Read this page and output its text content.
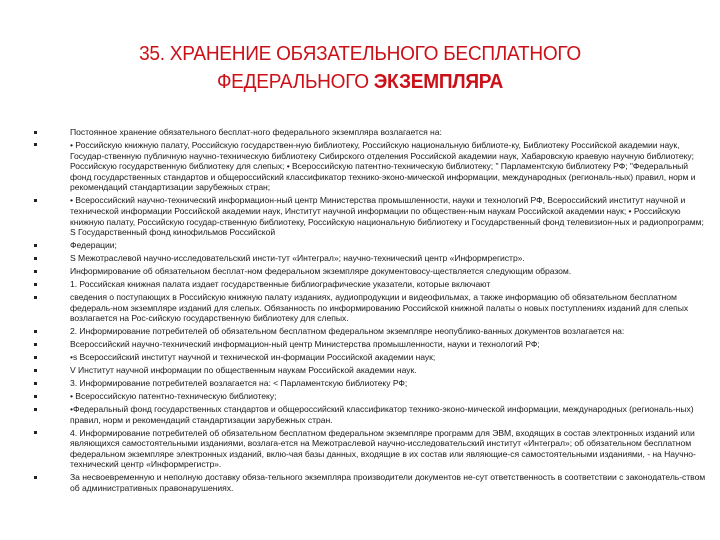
35. ХРАНЕНИЕ ОБЯЗАТЕЛЬНОГО БЕСПЛАТНОГО
ФЕДЕРАЛЬНОГО ЭКЗЕМПЛЯРА
Постоянное хранение обязательного бесплат-ного федерального экземпляра возлагается на:
• Российскую книжную палату, Российскую государствен-ную библиотеку, Российскую национальную библиоте-ку, Библиотеку Российской академии наук, Государ-ственную публичную научно-техническую библиотеку Сибирского отделения Российской академии наук, Хабаровскую краевую научную библиотеку; Российскую государственную библиотеку для слепых; • Всероссийскую патентно-техническую библиотеку; " Парламентскую библиотеку РФ; "Федеральный фонд государственных стандартов и общероссийский классификатор технико-эконо-мической информации, международных (региональ-ных) правил, норм и рекомендаций стандартизации зарубежных стран;
• Всероссийский научно-технический информацион-ный центр Министерства промышленности, науки и технологий РФ, Всероссийский институт научной и технической информации Российской академии наук, Институт научной информации по обществен-ным наукам Российской академии наук; • Российскую книжную палату, Российскую государ-ственную библиотеку, Российскую национальную библиотеку и Государственный фонд телевизион-ных и радиопрограмм; S Государственный фонд кинофильмов Российской
Федерации;
S Межотраслевой научно-исследовательский инсти-тут «Интеграл»; научно-технический центр «Информрегистр».
Информирование об обязательном бесплат-ном федеральном экземпляре документовосу-ществляется следующим образом.
1. Российская книжная палата издает государственные библиографические указатели, которые включают
сведения о поступающих в Российскую книжную палату изданиях, аудиопродукции и видеофильмах, а также информацию об обязательном бесплатном федераль-ном экземпляре изданий для слепых. Обязанность по информированию Российской книжной палаты о новых поступлениях изданий для слепых возлагается на Рос-сийскую государственную библиотеку для слепых.
2. Информирование потребителей об обязательном бесплатном федеральном экземпляре неопублико-ванных документов возлагается на:
Всероссийский научно-технический информацион-ный центр Министерства промышленности, науки и технологий РФ;
•s Всероссийский институт научной и технической ин-формации Российской академии наук;
V Институт научной информации по общественным наукам Российской академии наук.
3. Информирование потребителей возлагается на: < Парламентскую библиотеку РФ;
• Всероссийскую патентно-техническую библиотеку;
•Федеральный фонд государственных стандартов и общероссийский классификатор технико-эконо-мической информации, международных (региональ-ных) правил, норм и рекомендаций стандартизации зарубежных стран.
4. Информирование потребителей об обязательном бесплатном федеральном экземпляре программ для ЭВМ, входящих в состав электронных изданий или являющихся самостоятельными изданиями, возлага-ется на Межотраслевой научно-исследовательский институт «Интеграл»; об обязательном бесплатном федеральном экземпляре электронных изданий, вклю-чая базы данных, входящие в их состав или являющие-ся самостоятельными изданиями, - на Научно-технический центр «Информрегистр».
За несвоевременную и неполную доставку обяза-тельного экземпляра производители документов не-сут ответственность в соответствии с законодатель-ством об административных правонарушениях.
